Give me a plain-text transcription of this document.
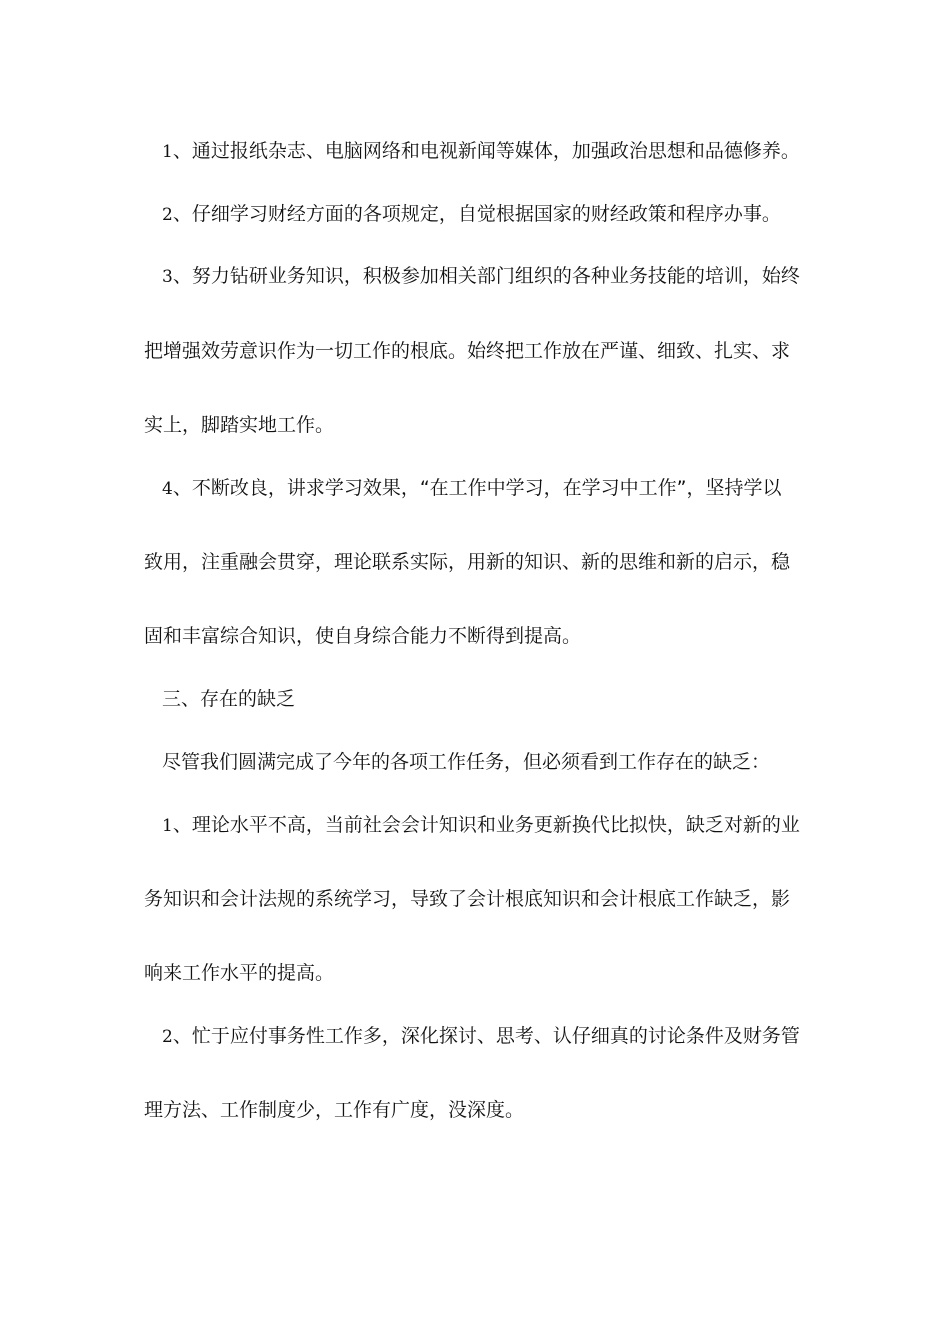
1、通过报纸杂志、电脑网络和电视新闻等媒体，加强政治思想和品德修养。
2、仔细学习财经方面的各项规定，自觉根据国家的财经政策和程序办事。
3、努力钻研业务知识，积极参加相关部门组织的各种业务技能的培训，始终
把增强效劳意识作为一切工作的根底。始终把工作放在严谨、细致、扎实、求
实上，脚踏实地工作。
4、不断改良，讲求学习效果，“在工作中学习，在学习中工作”，坚持学以
致用，注重融会贯穿，理论联系实际，用新的知识、新的思维和新的启示，稳
固和丰富综合知识，使自身综合能力不断得到提高。
三、存在的缺乏
尽管我们圆满完成了今年的各项工作任务，但必须看到工作存在的缺乏：
1、理论水平不高，当前社会会计知识和业务更新换代比拟快，缺乏对新的业
务知识和会计法规的系统学习，导致了会计根底知识和会计根底工作缺乏，影
响来工作水平的提高。
2、忙于应付事务性工作多，深化探讨、思考、认仔细真的讨论条件及财务管
理方法、工作制度少，工作有广度，没深度。
